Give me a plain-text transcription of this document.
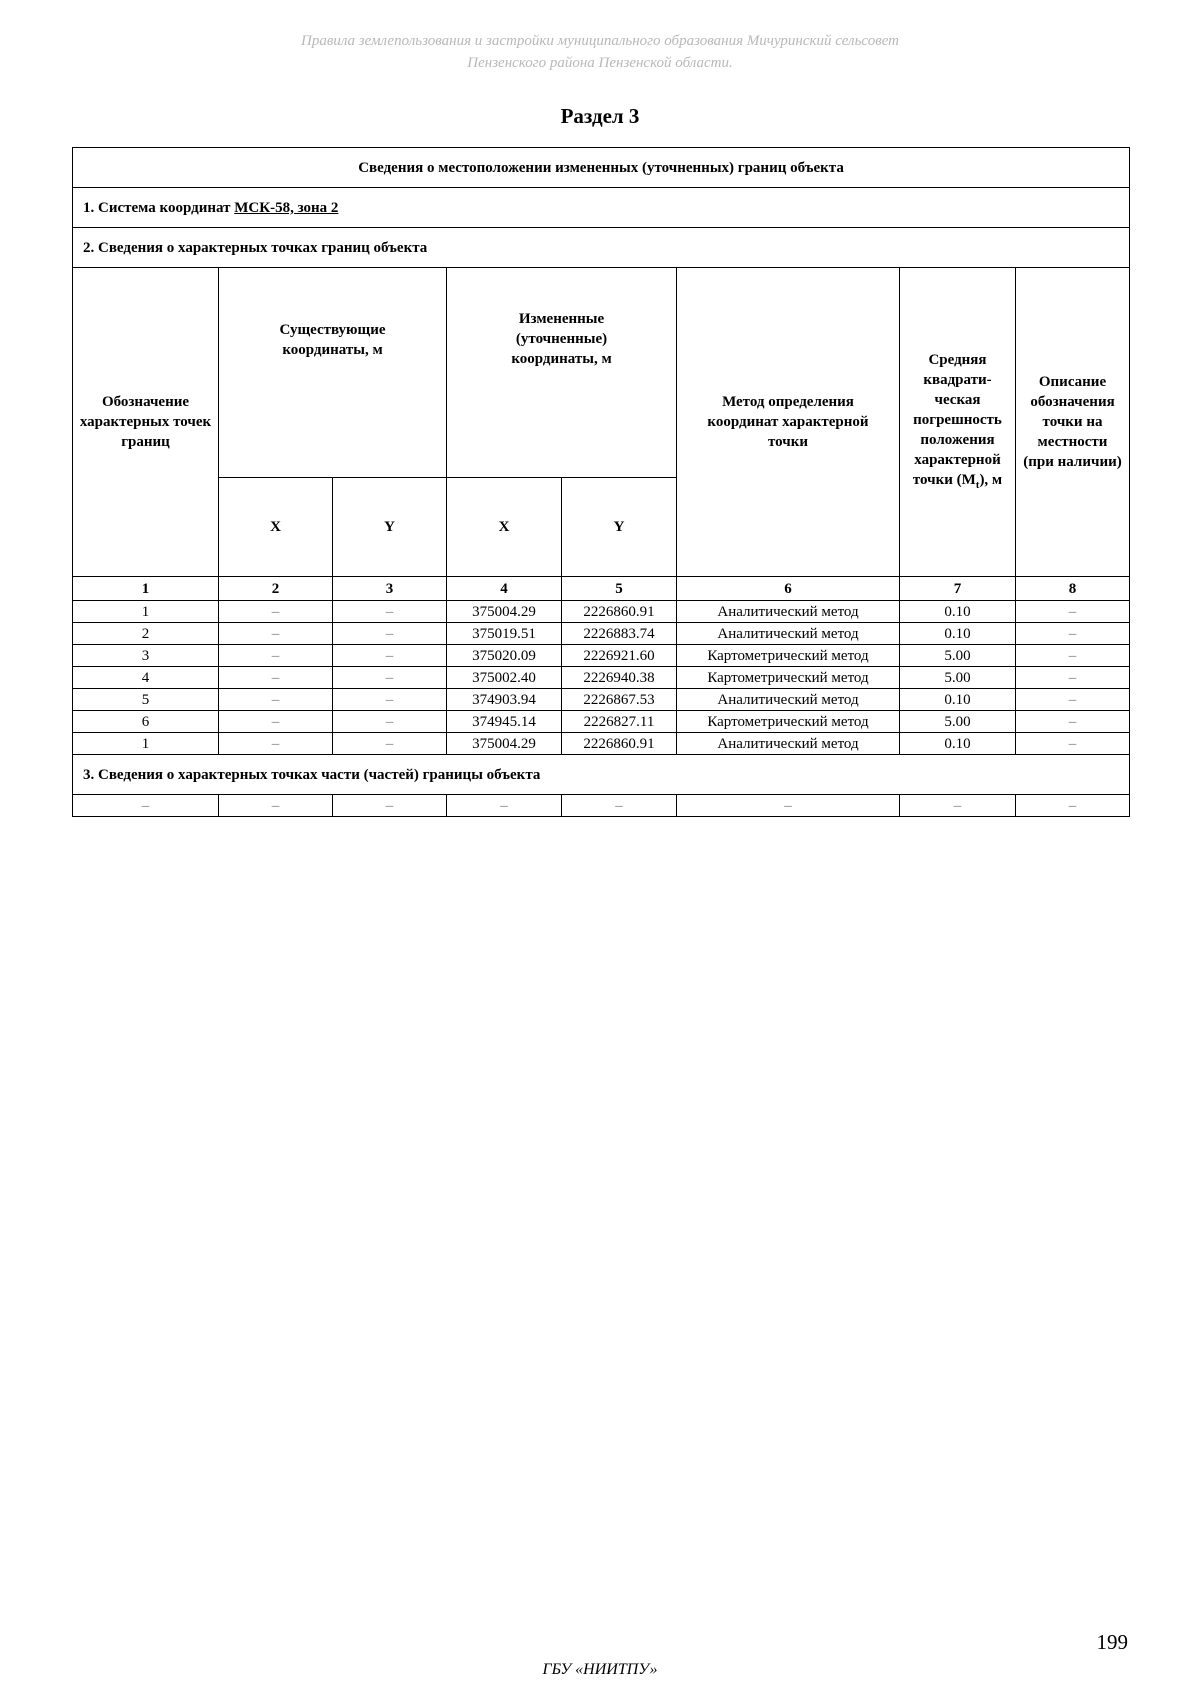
Правила землепользования и застройки муниципального образования Мичуринский сельсовет
Пензенского района Пензенской области.
Раздел 3
Сведения о местоположении измененных (уточненных) границ объекта							
1. Система координат МСК-58, зона 2							
2. Сведения о характерных точках границ объекта							
Обозначение характерных точек границ	Существующие координаты, м		Измененные (уточненные) координаты, м		Метод определения координат характерной точки	Средняя квадратическая погрешность положения характерной точки $(M_t)$, м	Описание обозначения точки на местности (при наличии)
	X	Y	X	Y			
1	2	3	4	5	6	7	8
1	–	–	375004.29	2226860.91	Аналитический метод	0.10	–
2	–	–	375019.51	2226883.74	Аналитический метод	0.10	–
3	–	–	375020.09	2226921.60	Картометрический метод	5.00	–
4	–	–	375002.40	2226940.38	Картометрический метод	5.00	–
5	–	–	374903.94	2226867.53	Аналитический метод	0.10	–
6	–	–	374945.14	2226827.11	Картометрический метод	5.00	–
1	–	–	375004.29	2226860.91	Аналитический метод	0.10	–
3. Сведения о характерных точках части (частей) границы объекта							
–	–	–	–	–	–	–	–
199
ГБУ «НИИТПУ»
